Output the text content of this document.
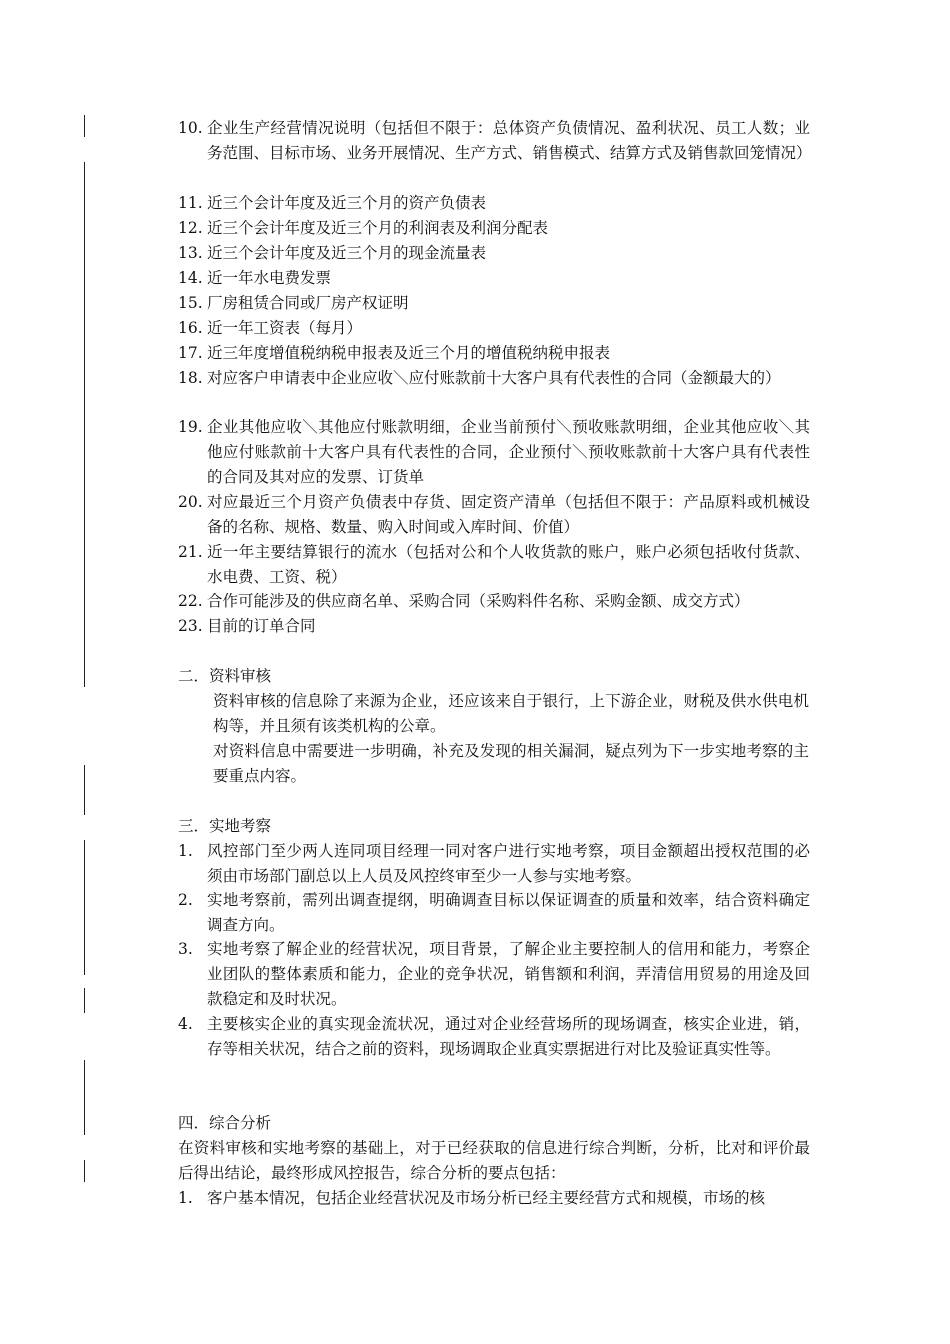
10. 企业生产经营情况说明（包括但不限于：总体资产负债情况、盈利状况、员工人数；业务范围、目标市场、业务开展情况、生产方式、销售模式、结算方式及销售款回笼情况）
11. 近三个会计年度及近三个月的资产负债表
12. 近三个会计年度及近三个月的利润表及利润分配表
13. 近三个会计年度及近三个月的现金流量表
14. 近一年水电费发票
15. 厂房租赁合同或厂房产权证明
16. 近一年工资表（每月）
17. 近三年度增值税纳税申报表及近三个月的增值税纳税申报表
18. 对应客户申请表中企业应收＼应付账款前十大客户具有代表性的合同（金额最大的）
19. 企业其他应收＼其他应付账款明细，企业当前预付＼预收账款明细，企业其他应收＼其他应付账款前十大客户具有代表性的合同，企业预付＼预收账款前十大客户具有代表性的合同及其对应的发票、订货单
20. 对应最近三个月资产负债表中存货、固定资产清单（包括但不限于：产品原料或机械设备的名称、规格、数量、购入时间或入库时间、价值）
21. 近一年主要结算银行的流水（包括对公和个人收货款的账户，账户必须包括收付货款、水电费、工资、税）
22. 合作可能涉及的供应商名单、采购合同（采购料件名称、采购金额、成交方式）
23. 目前的订单合同
二．资料审核
资料审核的信息除了来源为企业，还应该来自于银行，上下游企业，财税及供水供电机构等，并且须有该类机构的公章。
对资料信息中需要进一步明确，补充及发现的相关漏洞，疑点列为下一步实地考察的主要重点内容。
三．实地考察
1. 风控部门至少两人连同项目经理一同对客户进行实地考察，项目金额超出授权范围的必须由市场部门副总以上人员及风控终审至少一人参与实地考察。
2. 实地考察前，需列出调查提纲，明确调查目标以保证调查的质量和效率，结合资料确定调查方向。
3. 实地考察了解企业的经营状况，项目背景，了解企业主要控制人的信用和能力，考察企业团队的整体素质和能力，企业的竞争状况，销售额和利润，弄清信用贸易的用途及回款稳定和及时状况。
4. 主要核实企业的真实现金流状况，通过对企业经营场所的现场调查，核实企业进，销，存等相关状况，结合之前的资料，现场调取企业真实票据进行对比及验证真实性等。
四．综合分析
在资料审核和实地考察的基础上，对于已经获取的信息进行综合判断，分析，比对和评价最后得出结论，最终形成风控报告，综合分析的要点包括：
1. 客户基本情况，包括企业经营状况及市场分析已经主要经营方式和规模，市场的核
